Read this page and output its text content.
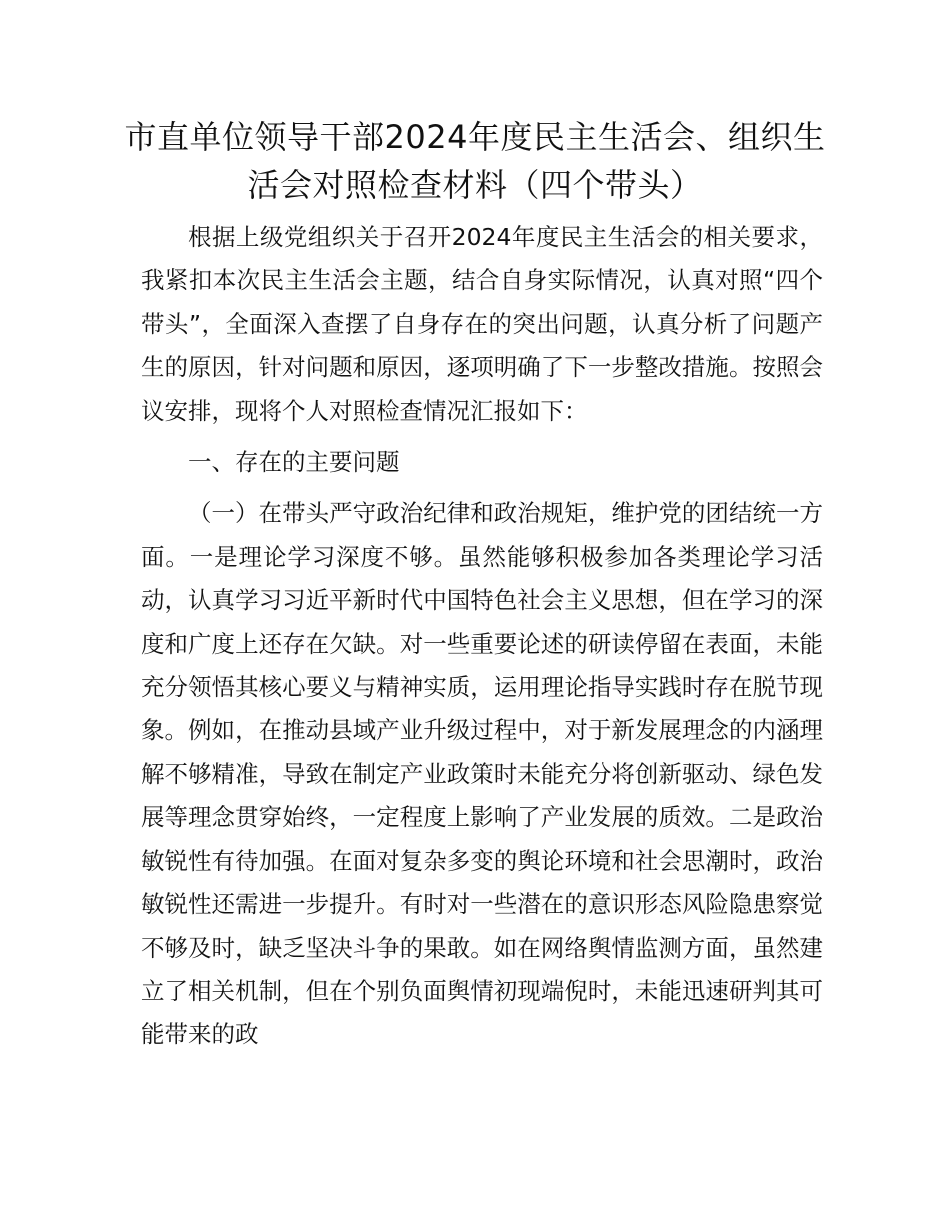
市直单位领导干部2024年度民主生活会、组织生活会对照检查材料（四个带头）

根据上级党组织关于召开2024年度民主生活会的相关要求，我紧扣本次民主生活会主题，结合自身实际情况，认真对照“四个带头”，全面深入查摆了自身存在的突出问题，认真分析了问题产生的原因，针对问题和原因，逐项明确了下一步整改措施。按照会议安排，现将个人对照检查情况汇报如下：

一、存在的主要问题

（一）在带头严守政治纪律和政治规矩，维护党的团结统一方面。一是理论学习深度不够。虽然能够积极参加各类理论学习活动，认真学习习近平新时代中国特色社会主义思想，但在学习的深度和广度上还存在欠缺。对一些重要论述的研读停留在表面，未能充分领悟其核心要义与精神实质，运用理论指导实践时存在脱节现象。例如，在推动县域产业升级过程中，对于新发展理念的内涵理解不够精准，导致在制定产业政策时未能充分将创新驱动、绿色发展等理念贯穿始终，一定程度上影响了产业发展的质效。二是政治敏锐性有待加强。在面对复杂多变的舆论环境和社会思潮时，政治敏锐性还需进一步提升。有时对一些潜在的意识形态风险隐患察觉不够及时，缺乏坚决斗争的果敢。如在网络舆情监测方面，虽然建立了相关机制，但在个别负面舆情初现端倪时，未能迅速研判其可能带来的政
